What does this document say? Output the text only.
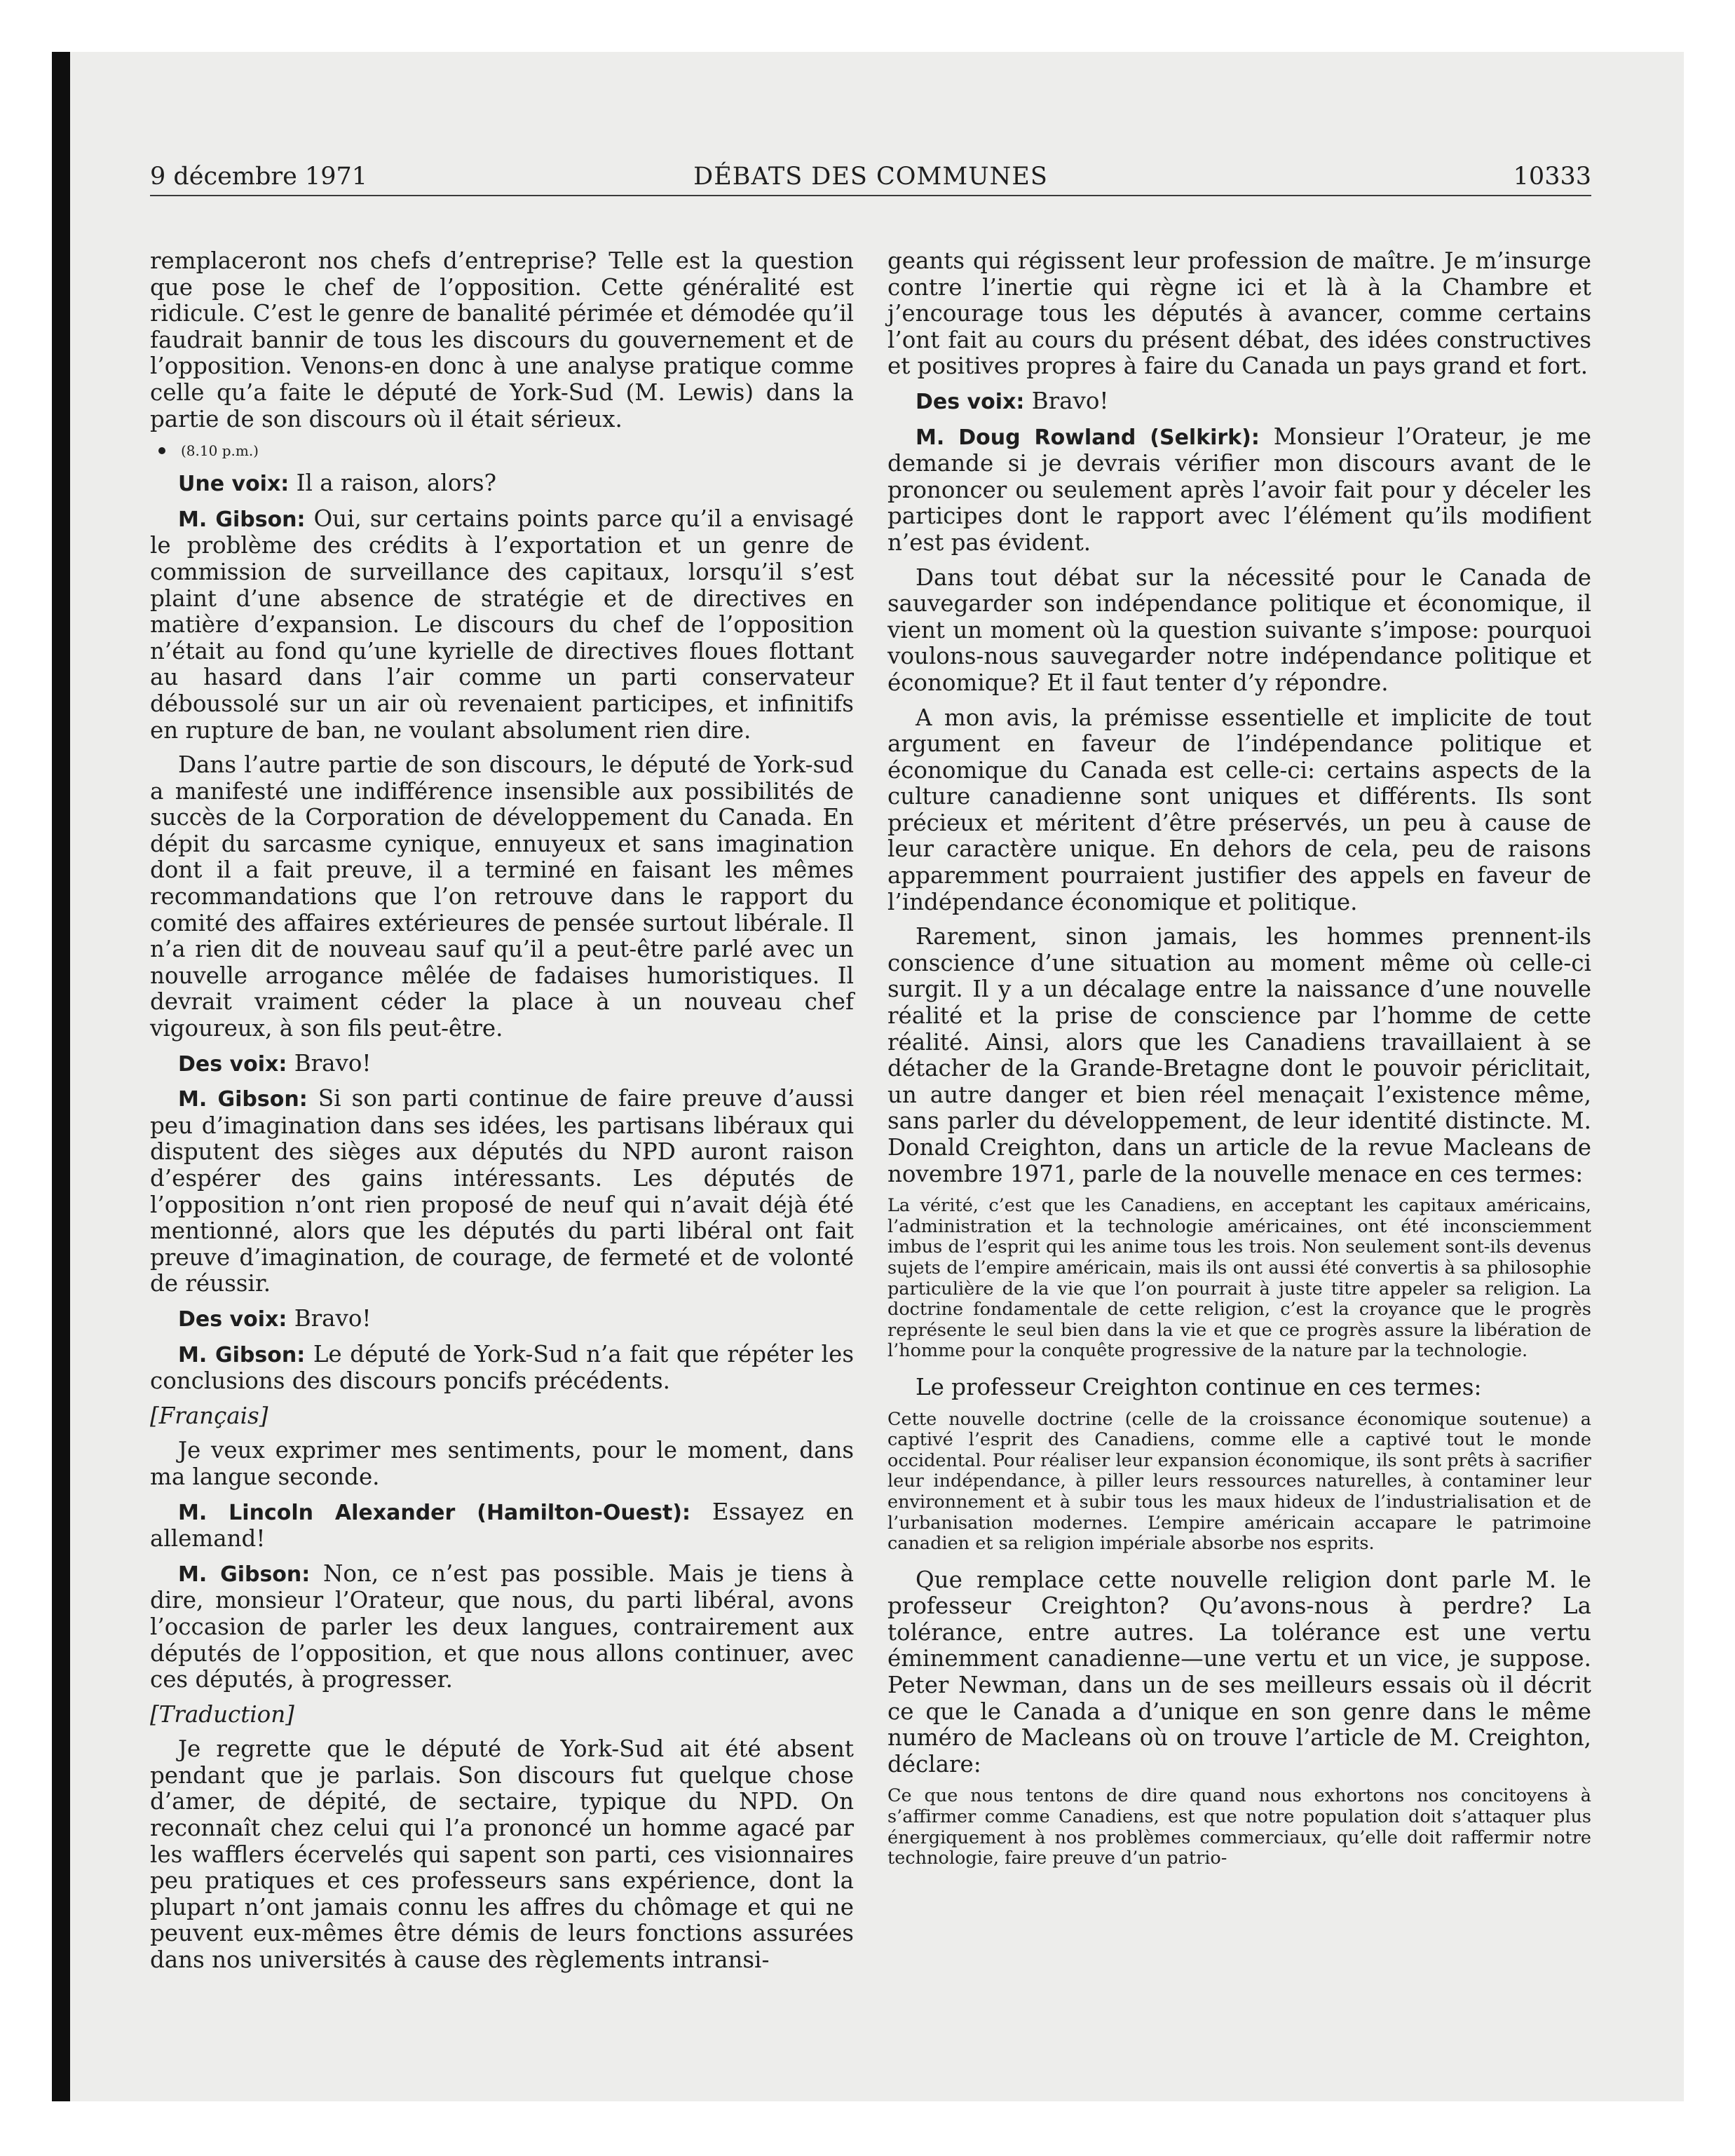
9 décembre 1971	DÉBATS DES COMMUNES	10333

remplaceront nos chefs d’entreprise? Telle est la question que pose le chef de l’opposition. Cette généralité est ridicule. C’est le genre de banalité périmée et démodée qu’il faudrait bannir de tous les discours du gouvernement et de l’opposition. Venons-en donc à une analyse pratique comme celle qu’a faite le député de York-Sud (M. Lewis) dans la partie de son discours où il était sérieux.

(8.10 p.m.)

Une voix: Il a raison, alors?

M. Gibson: Oui, sur certains points parce qu’il a envisagé le problème des crédits à l’exportation et un genre de commission de surveillance des capitaux, lorsqu’il s’est plaint d’une absence de stratégie et de directives en matière d’expansion. Le discours du chef de l’opposition n’était au fond qu’une kyrielle de directives floues flottant au hasard dans l’air comme un parti conservateur déboussolé sur un air où revenaient participes, et infinitifs en rupture de ban, ne voulant absolument rien dire.

Dans l’autre partie de son discours, le député de York-sud a manifesté une indifférence insensible aux possibilités de succès de la Corporation de développement du Canada. En dépit du sarcasme cynique, ennuyeux et sans imagination dont il a fait preuve, il a terminé en faisant les mêmes recommandations que l’on retrouve dans le rapport du comité des affaires extérieures de pensée surtout libérale. Il n’a rien dit de nouveau sauf qu’il a peut-être parlé avec un nouvelle arrogance mêlée de fadaises humoristiques. Il devrait vraiment céder la place à un nouveau chef vigoureux, à son fils peut-être.

Des voix: Bravo!

M. Gibson: Si son parti continue de faire preuve d’aussi peu d’imagination dans ses idées, les partisans libéraux qui disputent des sièges aux députés du NPD auront raison d’espérer des gains intéressants. Les députés de l’opposition n’ont rien proposé de neuf qui n’avait déjà été mentionné, alors que les députés du parti libéral ont fait preuve d’imagination, de courage, de fermeté et de volonté de réussir.

Des voix: Bravo!

M. Gibson: Le député de York-Sud n’a fait que répéter les conclusions des discours poncifs précédents.

[Français]

Je veux exprimer mes sentiments, pour le moment, dans ma langue seconde.

M. Lincoln Alexander (Hamilton-Ouest): Essayez en allemand!

M. Gibson: Non, ce n’est pas possible. Mais je tiens à dire, monsieur l’Orateur, que nous, du parti libéral, avons l’occasion de parler les deux langues, contrairement aux députés de l’opposition, et que nous allons continuer, avec ces députés, à progresser.

[Traduction]

Je regrette que le député de York-Sud ait été absent pendant que je parlais. Son discours fut quelque chose d’amer, de dépité, de sectaire, typique du NPD. On reconnaît chez celui qui l’a prononcé un homme agacé par les wafflers écervelés qui sapent son parti, ces visionnaires peu pratiques et ces professeurs sans expérience, dont la plupart n’ont jamais connu les affres du chômage et qui ne peuvent eux-mêmes être démis de leurs fonctions assurées dans nos universités à cause des règlements intransi-

geants qui régissent leur profession de maître. Je m’insurge contre l’inertie qui règne ici et là à la Chambre et j’encourage tous les députés à avancer, comme certains l’ont fait au cours du présent débat, des idées constructives et positives propres à faire du Canada un pays grand et fort.

Des voix: Bravo!

M. Doug Rowland (Selkirk): Monsieur l’Orateur, je me demande si je devrais vérifier mon discours avant de le prononcer ou seulement après l’avoir fait pour y déceler les participes dont le rapport avec l’élément qu’ils modifient n’est pas évident.

Dans tout débat sur la nécessité pour le Canada de sauvegarder son indépendance politique et économique, il vient un moment où la question suivante s’impose: pourquoi voulons-nous sauvegarder notre indépendance politique et économique? Et il faut tenter d’y répondre.

A mon avis, la prémisse essentielle et implicite de tout argument en faveur de l’indépendance politique et économique du Canada est celle-ci: certains aspects de la culture canadienne sont uniques et différents. Ils sont précieux et méritent d’être préservés, un peu à cause de leur caractère unique. En dehors de cela, peu de raisons apparemment pourraient justifier des appels en faveur de l’indépendance économique et politique.

Rarement, sinon jamais, les hommes prennent-ils conscience d’une situation au moment même où celle-ci surgit. Il y a un décalage entre la naissance d’une nouvelle réalité et la prise de conscience par l’homme de cette réalité. Ainsi, alors que les Canadiens travaillaient à se détacher de la Grande-Bretagne dont le pouvoir périclitait, un autre danger et bien réel menaçait l’existence même, sans parler du développement, de leur identité distincte. M. Donald Creighton, dans un article de la revue Macleans de novembre 1971, parle de la nouvelle menace en ces termes:

La vérité, c’est que les Canadiens, en acceptant les capitaux américains, l’administration et la technologie américaines, ont été inconsciemment imbus de l’esprit qui les anime tous les trois. Non seulement sont-ils devenus sujets de l’empire américain, mais ils ont aussi été convertis à sa philosophie particulière de la vie que l’on pourrait à juste titre appeler sa religion. La doctrine fondamentale de cette religion, c’est la croyance que le progrès représente le seul bien dans la vie et que ce progrès assure la libération de l’homme pour la conquête progressive de la nature par la technologie.

Le professeur Creighton continue en ces termes:

Cette nouvelle doctrine (celle de la croissance économique soutenue) a captivé l’esprit des Canadiens, comme elle a captivé tout le monde occidental. Pour réaliser leur expansion économique, ils sont prêts à sacrifier leur indépendance, à piller leurs ressources naturelles, à contaminer leur environnement et à subir tous les maux hideux de l’industrialisation et de l’urbanisation modernes. L’empire américain accapare le patrimoine canadien et sa religion impériale absorbe nos esprits.

Que remplace cette nouvelle religion dont parle M. le professeur Creighton? Qu’avons-nous à perdre? La tolérance, entre autres. La tolérance est une vertu éminemment canadienne—une vertu et un vice, je suppose. Peter Newman, dans un de ses meilleurs essais où il décrit ce que le Canada a d’unique en son genre dans le même numéro de Macleans où on trouve l’article de M. Creighton, déclare:

Ce que nous tentons de dire quand nous exhortons nos concitoyens à s’affirmer comme Canadiens, est que notre population doit s’attaquer plus énergiquement à nos problèmes commerciaux, qu’elle doit raffermir notre technologie, faire preuve d’un patrio-
